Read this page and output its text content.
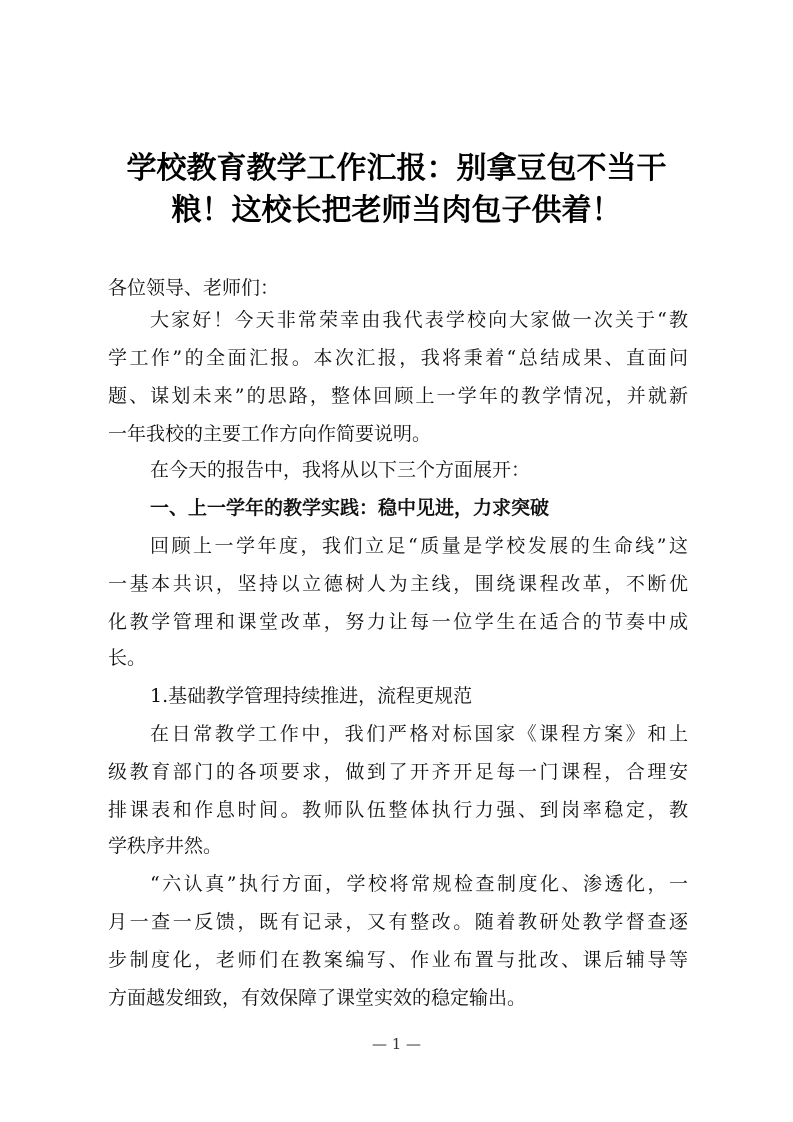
学校教育教学工作汇报：别拿豆包不当干
粮！这校长把老师当肉包子供着！
各位领导、老师们：
大家好！今天非常荣幸由我代表学校向大家做一次关于“教
学工作”的全面汇报。本次汇报，我将秉着“总结成果、直面问
题、谋划未来”的思路，整体回顾上一学年的教学情况，并就新
一年我校的主要工作方向作简要说明。
在今天的报告中，我将从以下三个方面展开：
一、上一学年的教学实践：稳中见进，力求突破
回顾上一学年度，我们立足“质量是学校发展的生命线”这
一基本共识，坚持以立德树人为主线，围绕课程改革，不断优
化教学管理和课堂改革，努力让每一位学生在适合的节奏中成
长。
1.基础教学管理持续推进，流程更规范
在日常教学工作中，我们严格对标国家《课程方案》和上
级教育部门的各项要求，做到了开齐开足每一门课程，合理安
排课表和作息时间。教师队伍整体执行力强、到岗率稳定，教
学秩序井然。
“六认真”执行方面，学校将常规检查制度化、渗透化，一
月一查一反馈，既有记录，又有整改。随着教研处教学督查逐
步制度化，老师们在教案编写、作业布置与批改、课后辅导等
方面越发细致，有效保障了课堂实效的稳定输出。
— 1 —
